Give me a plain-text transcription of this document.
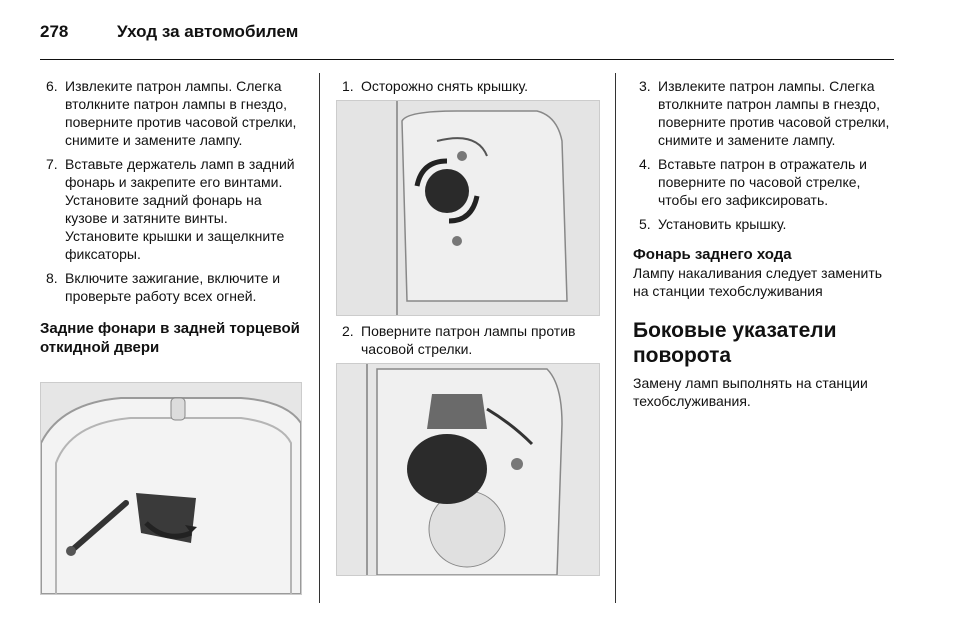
278	Уход за автомобилем
6. Извлеките патрон лампы. Слегка втолкните патрон лампы в гнездо, поверните против часовой стрелки, снимите и замените лампу.
7. Вставьте держатель ламп в задний фонарь и закрепите его винтами. Установите задний фонарь на кузове и затяните винты. Установите крышки и защелкните фиксаторы.
8. Включите зажигание, включите и проверьте работу всех огней.
Задние фонари в задней торцевой откидной двери
1. Осторожно снять крышку.
2. Поверните патрон лампы против часовой стрелки.
3. Извлеките патрон лампы. Слегка втолкните патрон лампы в гнездо, поверните против часовой стрелки, снимите и замените лампу.
4. Вставьте патрон в отражатель и поверните по часовой стрелке, чтобы его зафиксировать.
5. Установить крышку.
Фонарь заднего хода

Лампу накаливания следует заменить на станции техобслуживания

Боковые указатели поворота

Замену ламп выполнять на станции техобслуживания.
